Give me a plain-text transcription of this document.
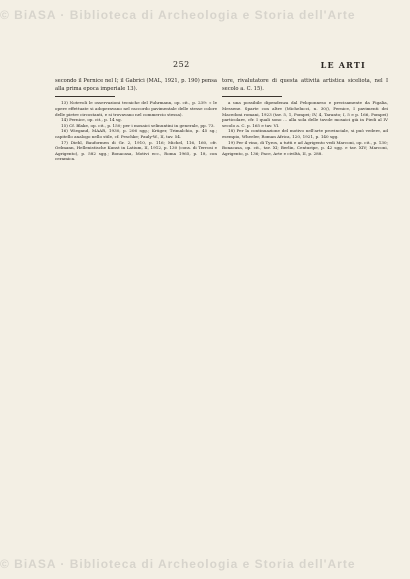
© BiASA · Biblioteca di Archeologia e Storia dell'Arte
252	LE ARTI

secondo il Pernice nel I; il Gabrici (MAL, 1921, p. 190) pensa alla prima epoca imperiale 13).

13) Notevoli le osservazioni tecniche del Fuhrmann, op. cit., p. 239: « le opere effettuate si adoperavano nel raccordo pavimentale delle stesse colore delle pietre circostanti, e si trovavano nel commercio stessa).

14) Pernice, op. cit., p. 14 sg.

15) Cf. Blake, op. cit., p. 150; per i mosaici selinuntini in generale, pp. 73.

16) Wiegand, MAAR, 1930, p. 206 sgg.; Krüger, Trimalchio, p. 45 sg.; capitello analogo nello stile, cf. Peschke; Pauly-W., II, tav. 54.

17) Diehl, Bauformen di Gr. 2, 1910, p. 116; Michel, 116, 160, cfr. Oelmann, Hellenistische Kunst in Latium, II, 1912, p. 130 (cons. di Terrosi e Agrigento), p. 582 sgg.; Bonacasa, Motivi ecc., Roma 1965, p. 18, con ceramica.

tore, rivalutatore di questa attività artistica siceliota, nel I secolo a. C. 15).

a una possibile dipendenza dal Peloponneso e precisamente da Figalia, Messene. Sparte con altre (Michelucci, n. 30/), Pernice, I pavimenti dei Macedoni romani, 1923 (tav. 5, 1, Pompei; IV, 4, Taranto; I, 5 e p. 166, Pompei) particolare, cfr. I quali sono ... alla sola delle tavole mosaici già in Piedi al IV secolo a. C. p. 165 e tav. VI.

18) Per la continuazione del motivo nell'arte provinciale, si può vedere, ad esempio, Wheeler, Roman Africa, 120, 1921, p. 140 sgg.

19) Per il vino, di Tyros, a tutti e ad Agrigento vedi Marconi, op. cit., p. 130; Bonacasa, op. cit., tav. XI; Berlin, Centuripe, p. 42 sgg. e tav. XIV; Marconi, Agrigento, p. 136; Pace, Arte e civiltà, II, p. 288.

© BiASA · Biblioteca di Archeologia e Storia dell'Arte
